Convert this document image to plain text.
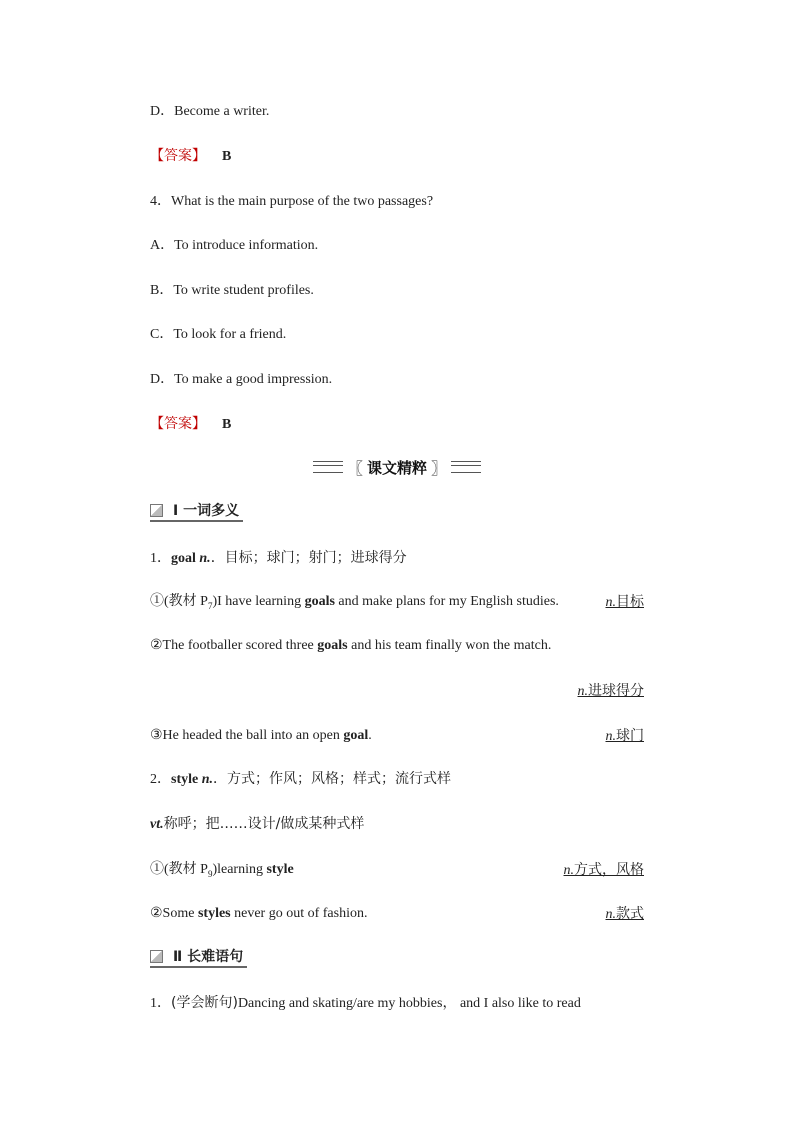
D．Become a writer.
【答案】 B
4．What is the main purpose of the two passages?
A．To introduce information.
B．To write student profiles.
C．To look for a friend.
D．To make a good impression.
【答案】 B
〖 课文精粹 〗
Ⅰ 一词多义
1．goal n.．目标；球门；射门；进球得分
①(教材 $P_7)I$ have learning goals and make plans for my English studies.	n.目标
②The footballer scored three goals and his team finally won the match.
n.进球得分
③He headed the ball into an open goal.	n.球门
2．style n.．方式；作风；风格；样式；流行式样
vt.称呼；把……设计/做成某种式样
①(教材 $P_9)learning$ style	n.方式，风格
②Some styles never go out of fashion.	n.款式
Ⅱ 长难语句
1．(学会断句)Dancing and skating/are my hobbies， and I also like to read
